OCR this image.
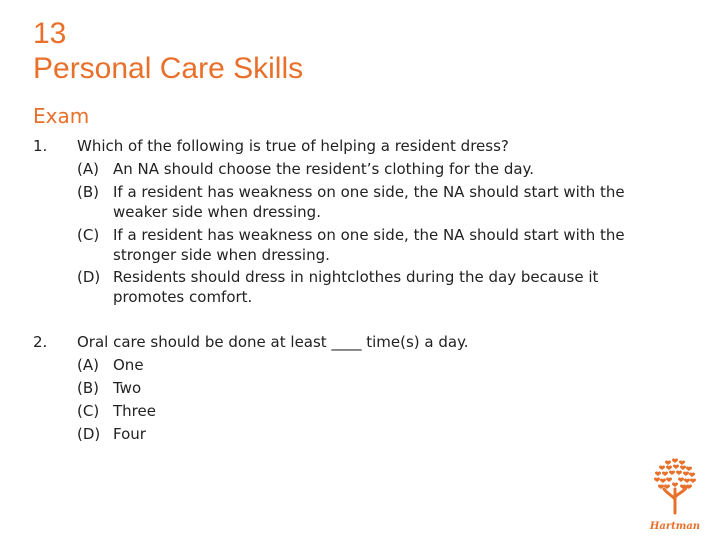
13
Personal Care Skills
Exam
1. Which of the following is true of helping a resident dress?
(A) An NA should choose the resident’s clothing for the day.
(B) If a resident has weakness on one side, the NA should start with the
weaker side when dressing.
(C) If a resident has weakness on one side, the NA should start with the
stronger side when dressing.
(D) Residents should dress in nightclothes during the day because it
promotes comfort.
2. Oral care should be done at least ____ time(s) a day.
(A) One
(B) Two
(C) Three
(D) Four
Hartman
